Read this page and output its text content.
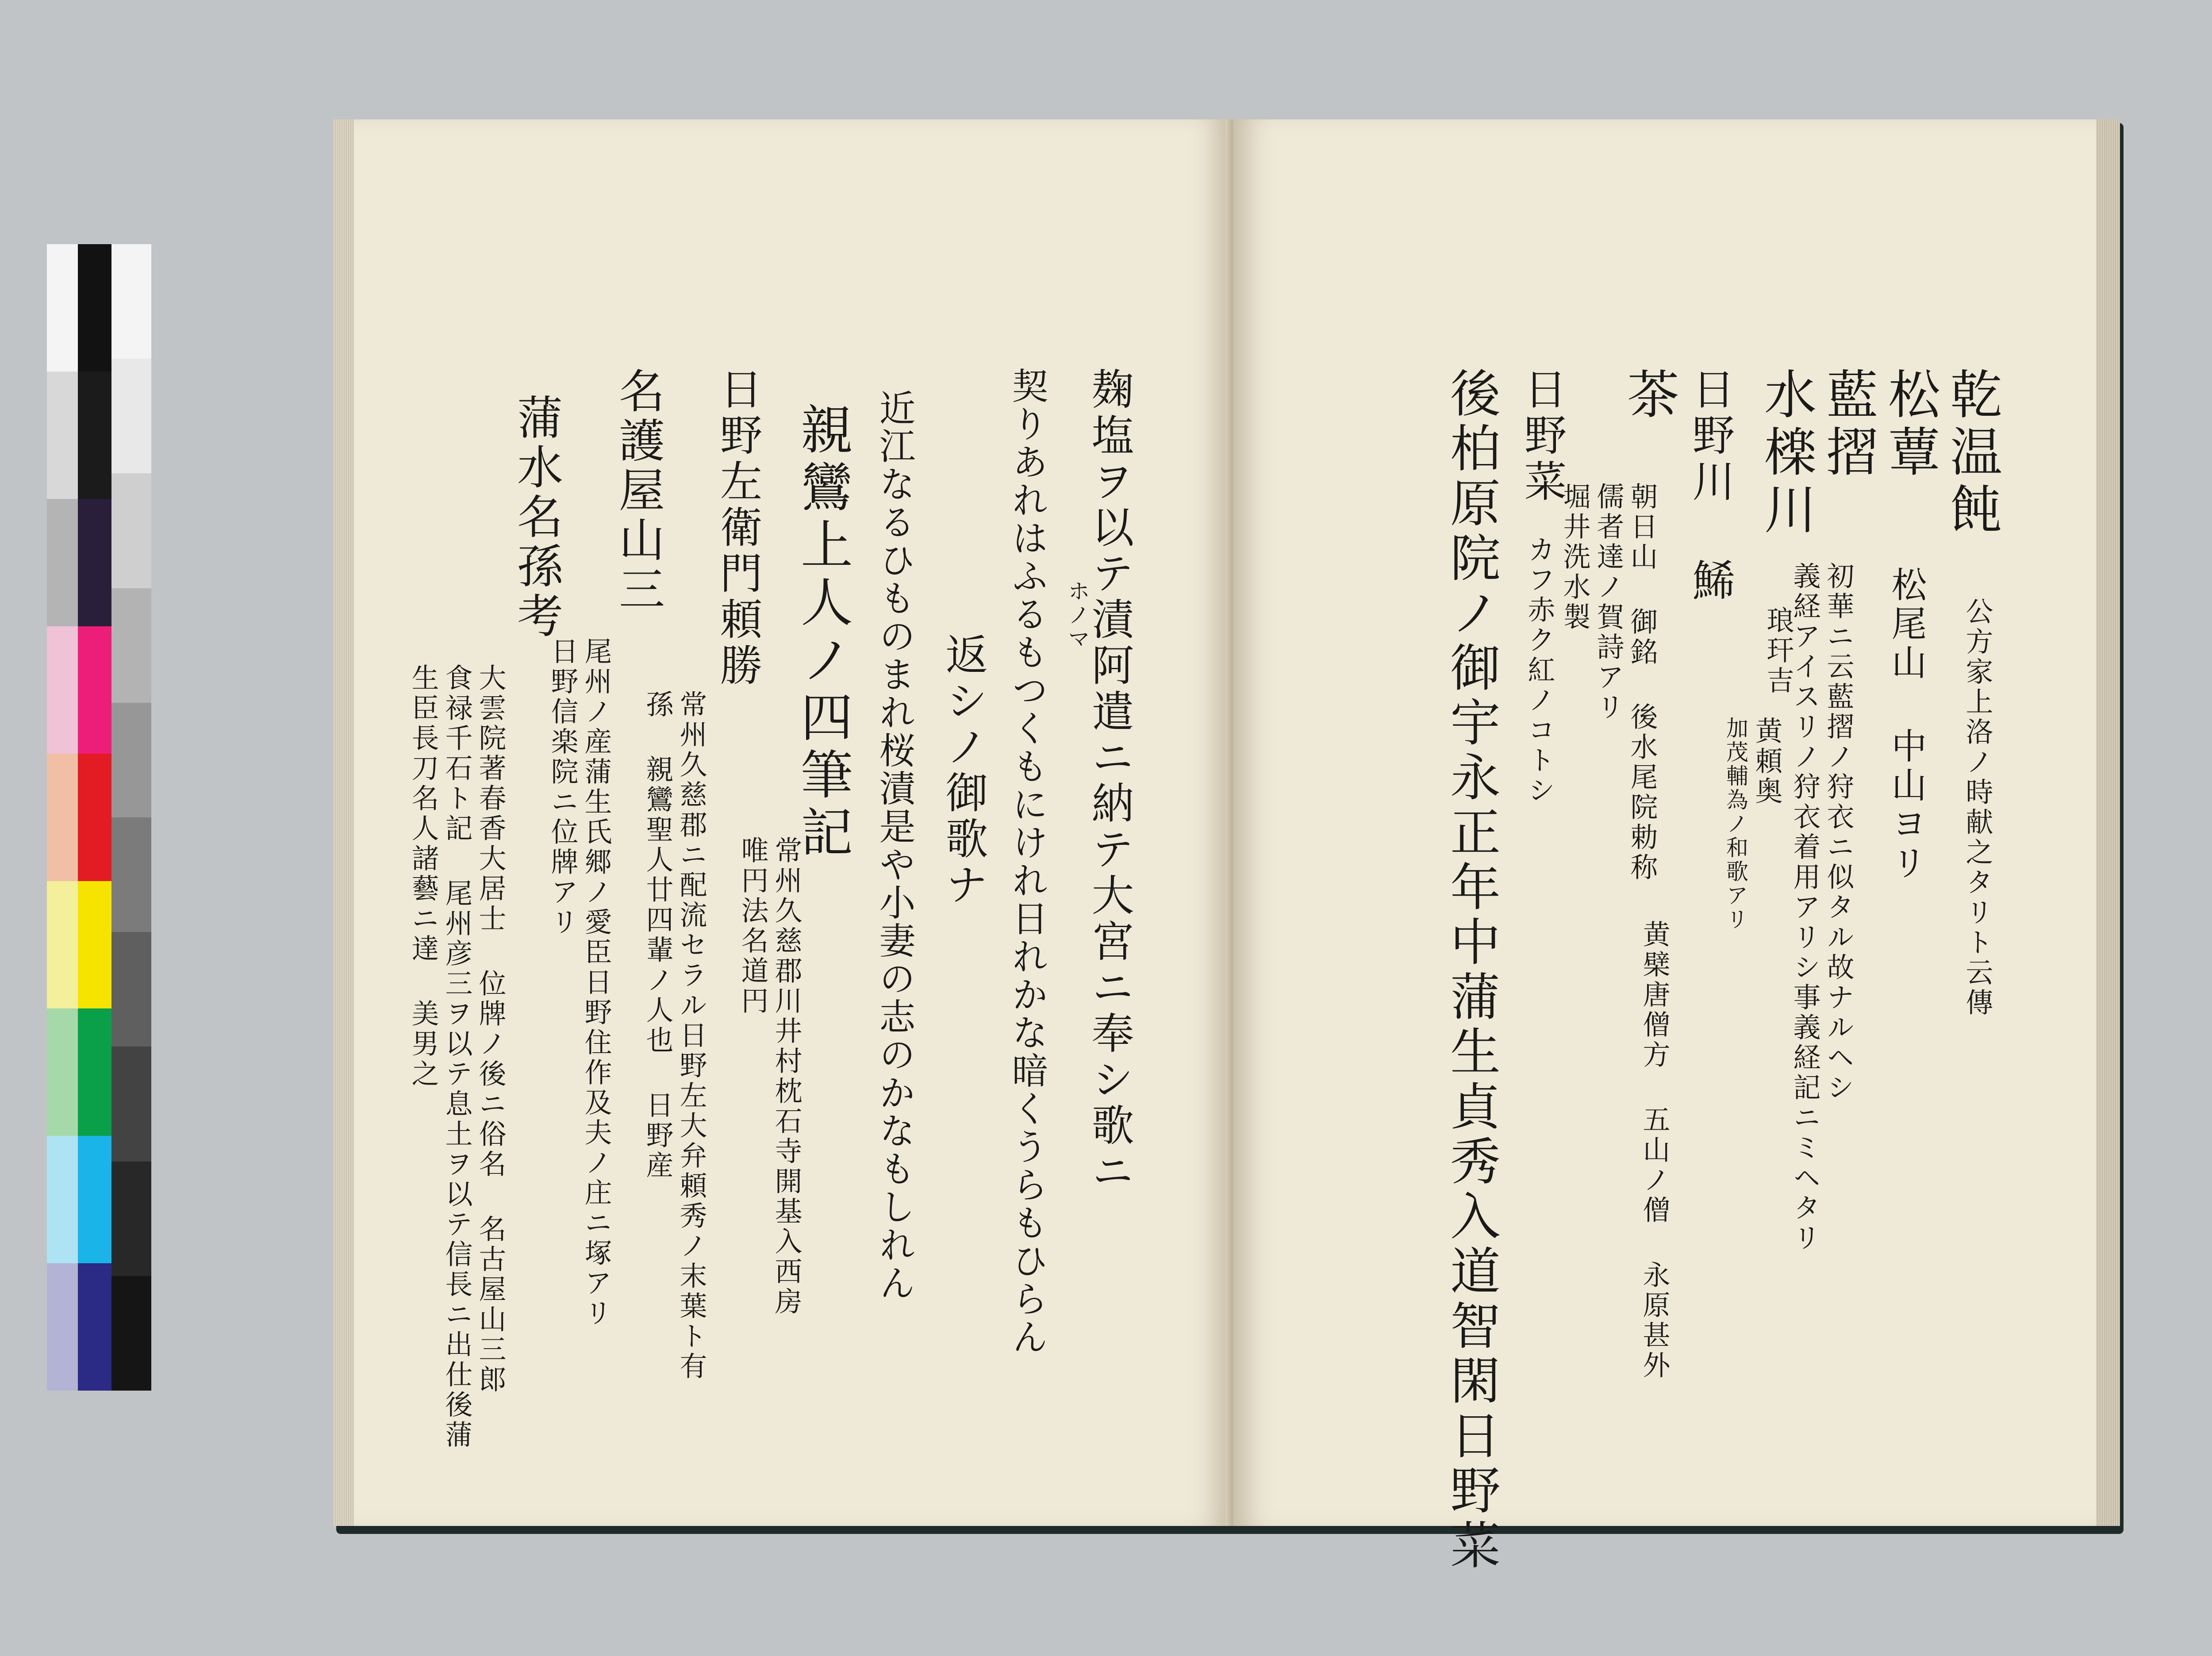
麹塩ヲ以テ漬阿遣ニ納テ大宮ニ奉シ歌ニ
ホノマ
契りあれはふるもつくもにけれ日れかな暗くうらもひらん
返シノ御歌ナ
近江なるひものまれ桜漬是や小妻の志のかなもしれん
親鸞上人ノ四筆記
常州久慈郡川井村枕石寺開基入西房
唯円法名道円
日野左衛門頼勝
常州久慈郡ニ配流セラル日野左大弁頼秀ノ末葉ト有
孫 親鸞聖人廿四輩ノ人也 日野産
名護屋山三
尾州ノ産蒲生氏郷ノ愛臣日野住作及夫ノ庄ニ塚アリ
日野信楽院ニ位牌アリ
蒲水名孫考
大雲院著春香大居士 位牌ノ後ニ俗名 名古屋山三郎
食禄千石ト記 尾州彦三ヲ以テ息土ヲ以テ信長ニ出仕後蒲
生臣長刀名人諸藝ニ達 美男之
乾温飩
公方家上洛ノ時献之タリト云傳
松蕈
松尾山 中山ヨリ
藍摺
初華ニ云藍摺ノ狩衣ニ似タル故ナルヘシ
義経アイスリノ狩衣着用アリシ事義経記ニミヘタリ
水檪川
琅玕吉
黄頼奥
加茂輔為ノ和歌アリ
日野川 鯑
茶
朝日山 御銘 後水尾院勅称
儒者達ノ賀詩アリ
堀井洗水製
黄檗唐僧方 五山ノ僧 永原甚外
日野菜
カフ赤ク紅ノコトシ
後柏原院ノ御宇永正年中蒲生貞秀入道智閑日野菜
